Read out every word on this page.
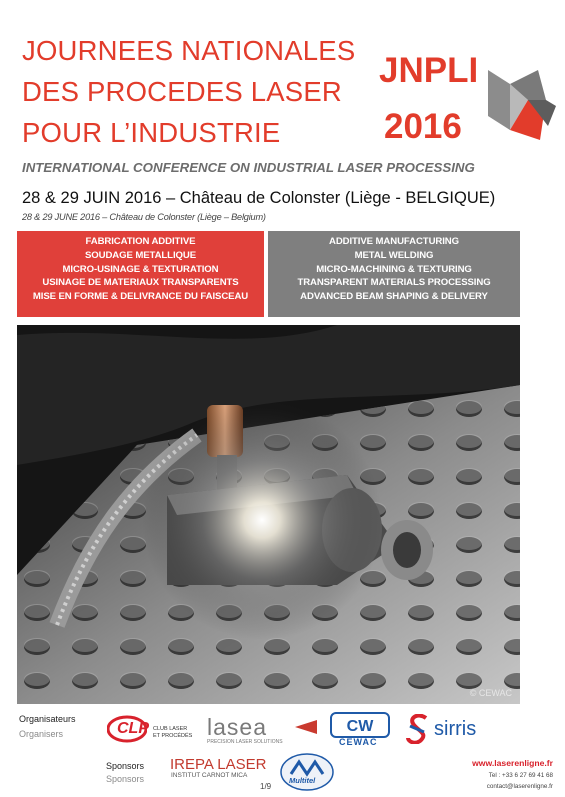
JOURNEES NATIONALES
DES PROCEDES LASER
POUR L’INDUSTRIE
JNPLI
2016
INTERNATIONAL CONFERENCE ON INDUSTRIAL LASER PROCESSING
28 & 29 JUIN 2016 – Château de Colonster (Liège - BELGIQUE)
28 & 29 JUNE 2016 – Château de Colonster (Liège – Belgium)
FABRICATION ADDITIVE
SOUDAGE METALLIQUE
MICRO-USINAGE & TEXTURATION
USINAGE DE MATERIAUX TRANSPARENTS
MISE EN FORME & DELIVRANCE DU FAISCEAU
ADDITIVE MANUFACTURING
METAL WELDING
MICRO-MACHINING & TEXTURING
TRANSPARENT MATERIALS PROCESSING
ADVANCED BEAM SHAPING & DELIVERY
© CEWAC
Organisateurs
Organisers	CLP CLUB LASER
ET PROCÉDÉS lasea
PRECISION LASER SOLUTIONS
CW
CEWAC
sirris
Sponsors
Sponsors
IREPA LASER
INSTITUT CARNOT MICA
Multitel
www.laserenligne.fr
Tel : +33 6 27 69 41 68
contact@laserenligne.fr
1/9
